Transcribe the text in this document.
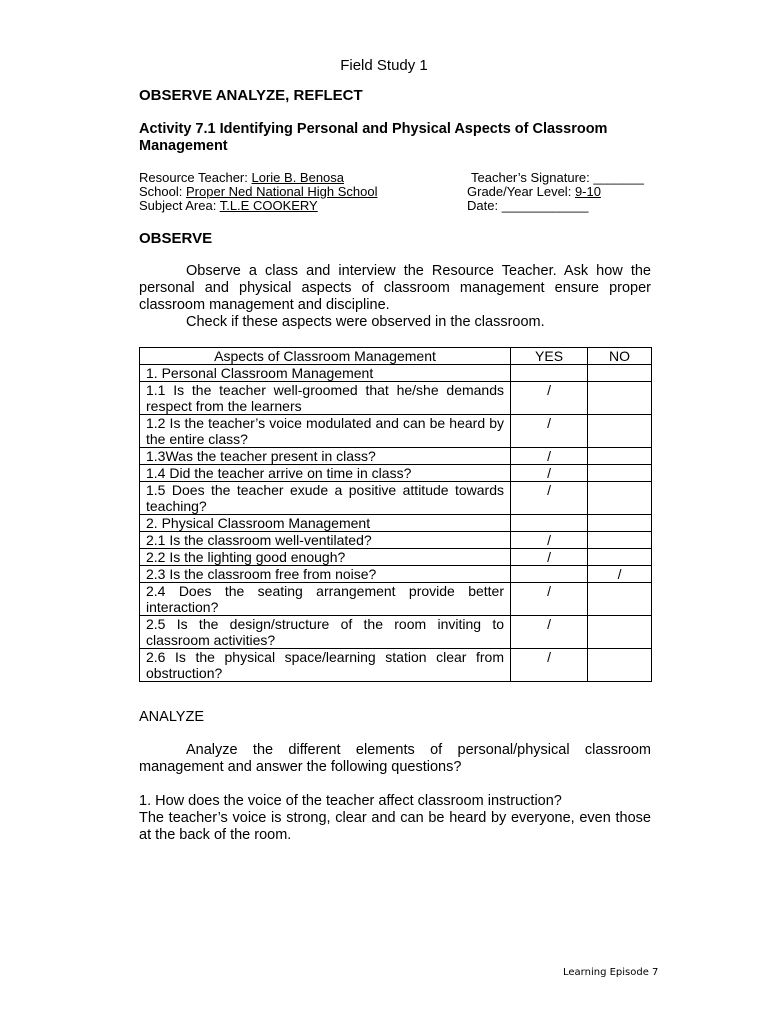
Field Study 1
OBSERVE ANALYZE, REFLECT
Activity 7.1 Identifying Personal and Physical Aspects of Classroom Management
Resource Teacher: Lorie B. Benosa
School: Proper Ned National High School
Subject Area: T.L.E COOKERY
Teacher’s Signature: _______
Grade/Year Level: 9-10
Date: ____________
OBSERVE
Observe a class and interview the Resource Teacher. Ask how the personal and physical aspects of classroom management ensure proper classroom management and discipline.
Check if these aspects were observed in the classroom.
Aspects of Classroom Management	YES	NO
1. Personal Classroom Management		
1.1 Is the teacher well-groomed that he/she demands respect from the learners	/	
1.2 Is the teacher’s voice modulated and can be heard by the entire class?	/	
1.3Was the teacher present in class?	/	
1.4 Did the teacher arrive on time in class?	/	
1.5 Does the teacher exude a positive attitude towards teaching?	/	
2. Physical Classroom Management		
2.1 Is the classroom well-ventilated?	/	
2.2 Is the lighting good enough?	/	
2.3 Is the classroom free from noise?		/
2.4 Does the seating arrangement provide better interaction?	/	
2.5 Is the design/structure of the room inviting to classroom activities?	/	
2.6 Is the physical space/learning station clear from obstruction?	/	
ANALYZE
Analyze the different elements of personal/physical classroom management and answer the following questions?
1. How does the voice of the teacher affect classroom instruction?
The teacher’s voice is strong, clear and can be heard by everyone, even those at the back of the room.
Learning Episode 7
